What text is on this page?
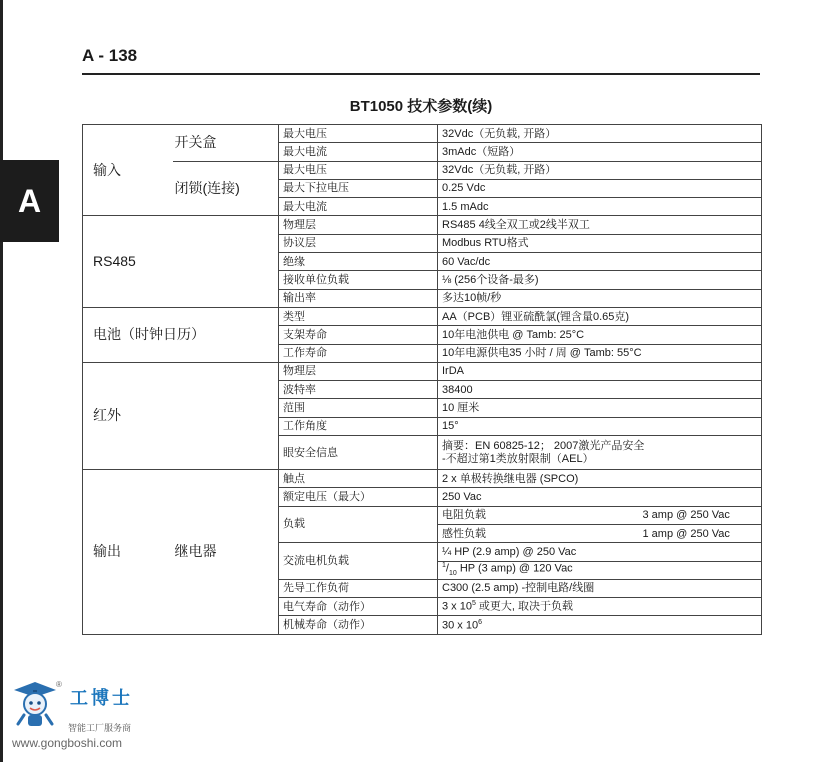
A - 138
A
BT1050 技术参数(续)
输入	开关盒	最大电压	32Vdc（无负载, 开路）	
		最大电流	3mAdc（短路）	
	闭锁(连接)	最大电压	32Vdc（无负载, 开路）	
		最大下拉电压	0.25 Vdc	
		最大电流	1.5 mAdc	
RS485		物理层	RS485 4线全双工或2线半双工	
		协议层	Modbus RTU格式	
		绝缘	60 Vac/dc	
		接收单位负载	⅛ (256个设备-最多)	
		输出率	多达10帧/秒	
电池（时钟日历）		类型	AA（PCB）锂亚硫酰氯(锂含量0.65克)	
		支架寿命	10年电池供电 @ Tamb: 25°C	
		工作寿命	10年电源供电35 小时 / 周 @ Tamb: 55°C	
红外		物理层	IrDA	
		波特率	38400	
		范围	10 厘米	
		工作角度	15°	
		眼安全信息	摘要：EN 60825-12； 2007激光产品安全
-不超过第1类放射限制（AEL）	

输出	继电器	触点	2 x 单极转换继电器 (SPCO)	
		额定电压（最大）	250 Vac	
		负载	电阻负载	3 amp @ 250 Vac
			感性负载	1 amp @ 250 Vac
		交流电机负载	¼ HP (2.9 amp) @ 250 Vac	
			$^1/_{10}$ HP (3 amp) @ 120 Vac	
		先导工作负荷	C300 (2.5 amp) -控制电路/线圈	
		电气寿命（动作）	3 x $10^5$ 或更大, 取决于负载	
		机械寿命（动作）	30 x $10^6$
®
工博士
智能工厂服务商
www.gongboshi.com
